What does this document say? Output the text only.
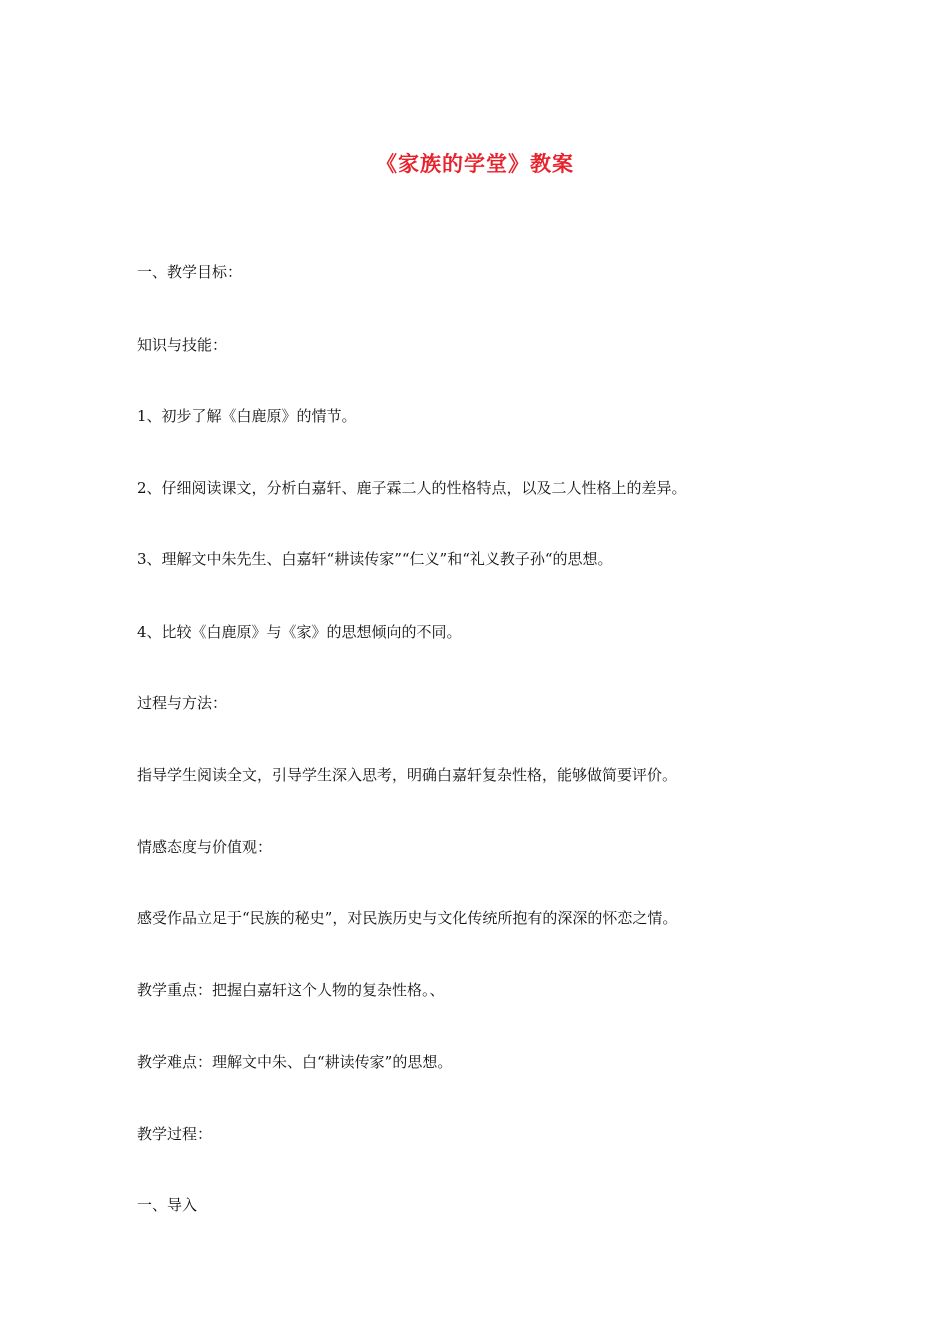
《家族的学堂》教案
一、教学目标：
知识与技能：
1、初步了解《白鹿原》的情节。
2、仔细阅读课文，分析白嘉轩、鹿子霖二人的性格特点，以及二人性格上的差异。
3、理解文中朱先生、白嘉轩“耕读传家”“仁义”和“礼义教子孙“的思想。
4、比较《白鹿原》与《家》的思想倾向的不同。
过程与方法：
指导学生阅读全文，引导学生深入思考，明确白嘉轩复杂性格，能够做简要评价。
情感态度与价值观：
感受作品立足于“民族的秘史”，对民族历史与文化传统所抱有的深深的怀恋之情。
教学重点：把握白嘉轩这个人物的复杂性格。、
教学难点：理解文中朱、白“耕读传家”的思想。
教学过程：
一、导入
